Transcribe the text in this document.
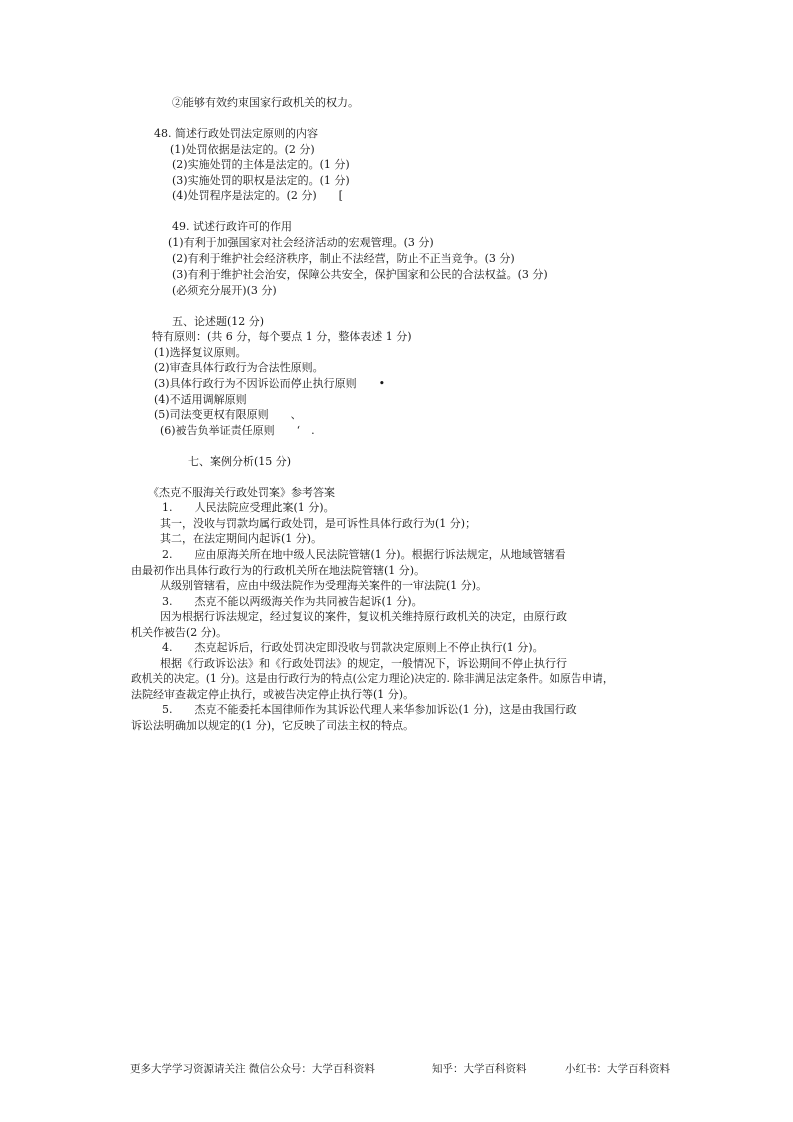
②能够有效约束国家行政机关的权力。
48. 简述行政处罚法定原则的内容
(1)处罚依据是法定的。(2 分)
(2)实施处罚的主体是法定的。(1 分)
(3)实施处罚的职权是法定的。(1 分)
(4)处罚程序是法定的。(2 分)　　[
49. 试述行政许可的作用
(1)有利于加强国家对社会经济活动的宏观管理。(3 分)
(2)有利于维护社会经济秩序，制止不法经营，防止不正当竞争。(3 分)
(3)有利于维护社会治安，保障公共安全，保护国家和公民的合法权益。(3 分)
(必须充分展开)(3 分)
五、论述题(12 分)
特有原则：(共 6 分，每个要点 1 分，整体表述 1 分)
(1)选择复议原则。
(2)审查具体行政行为合法性原则。
(3)具体行政行为不因诉讼而停止执行原则　　•
(4)不适用调解原则
(5)司法变更权有限原则　　、
(6)被告负举证责任原则　　‘　.
七、案例分析(15 分)
《杰克不服海关行政处罚案》参考答案
1.　　人民法院应受理此案(1 分)。
其一，没收与罚款均属行政处罚，是可诉性具体行政行为(1 分)；
其二，在法定期间内起诉(1 分)。
2.　　应由原海关所在地中级人民法院管辖(1 分)。根据行诉法规定，从地域管辖看
由最初作出具体行政行为的行政机关所在地法院管辖(1 分)。
从级别管辖看，应由中级法院作为受理海关案件的一审法院(1 分)。
3.　　杰克不能以两级海关作为共同被告起诉(1 分)。
因为根据行诉法规定，经过复议的案件，复议机关维持原行政机关的决定，由原行政
机关作被告(2 分)。
4.　　杰克起诉后，行政处罚决定即没收与罚款决定原则上不停止执行(1 分)。
根据《行政诉讼法》和《行政处罚法》的规定，一般情况下，诉讼期间不停止执行行
政机关的决定。(1 分)。这是由行政行为的特点(公定力理论)决定的. 除非满足法定条件。如原告申请，
法院经审查裁定停止执行，或被告决定停止执行等(1 分)。
5.　　杰克不能委托本国律师作为其诉讼代理人来华参加诉讼(1 分)，这是由我国行政
诉讼法明确加以规定的(1 分)，它反映了司法主权的特点。
更多大学学习资源请关注 微信公众号：大学百科资料	知乎：大学百科资料	小红书：大学百科资料
